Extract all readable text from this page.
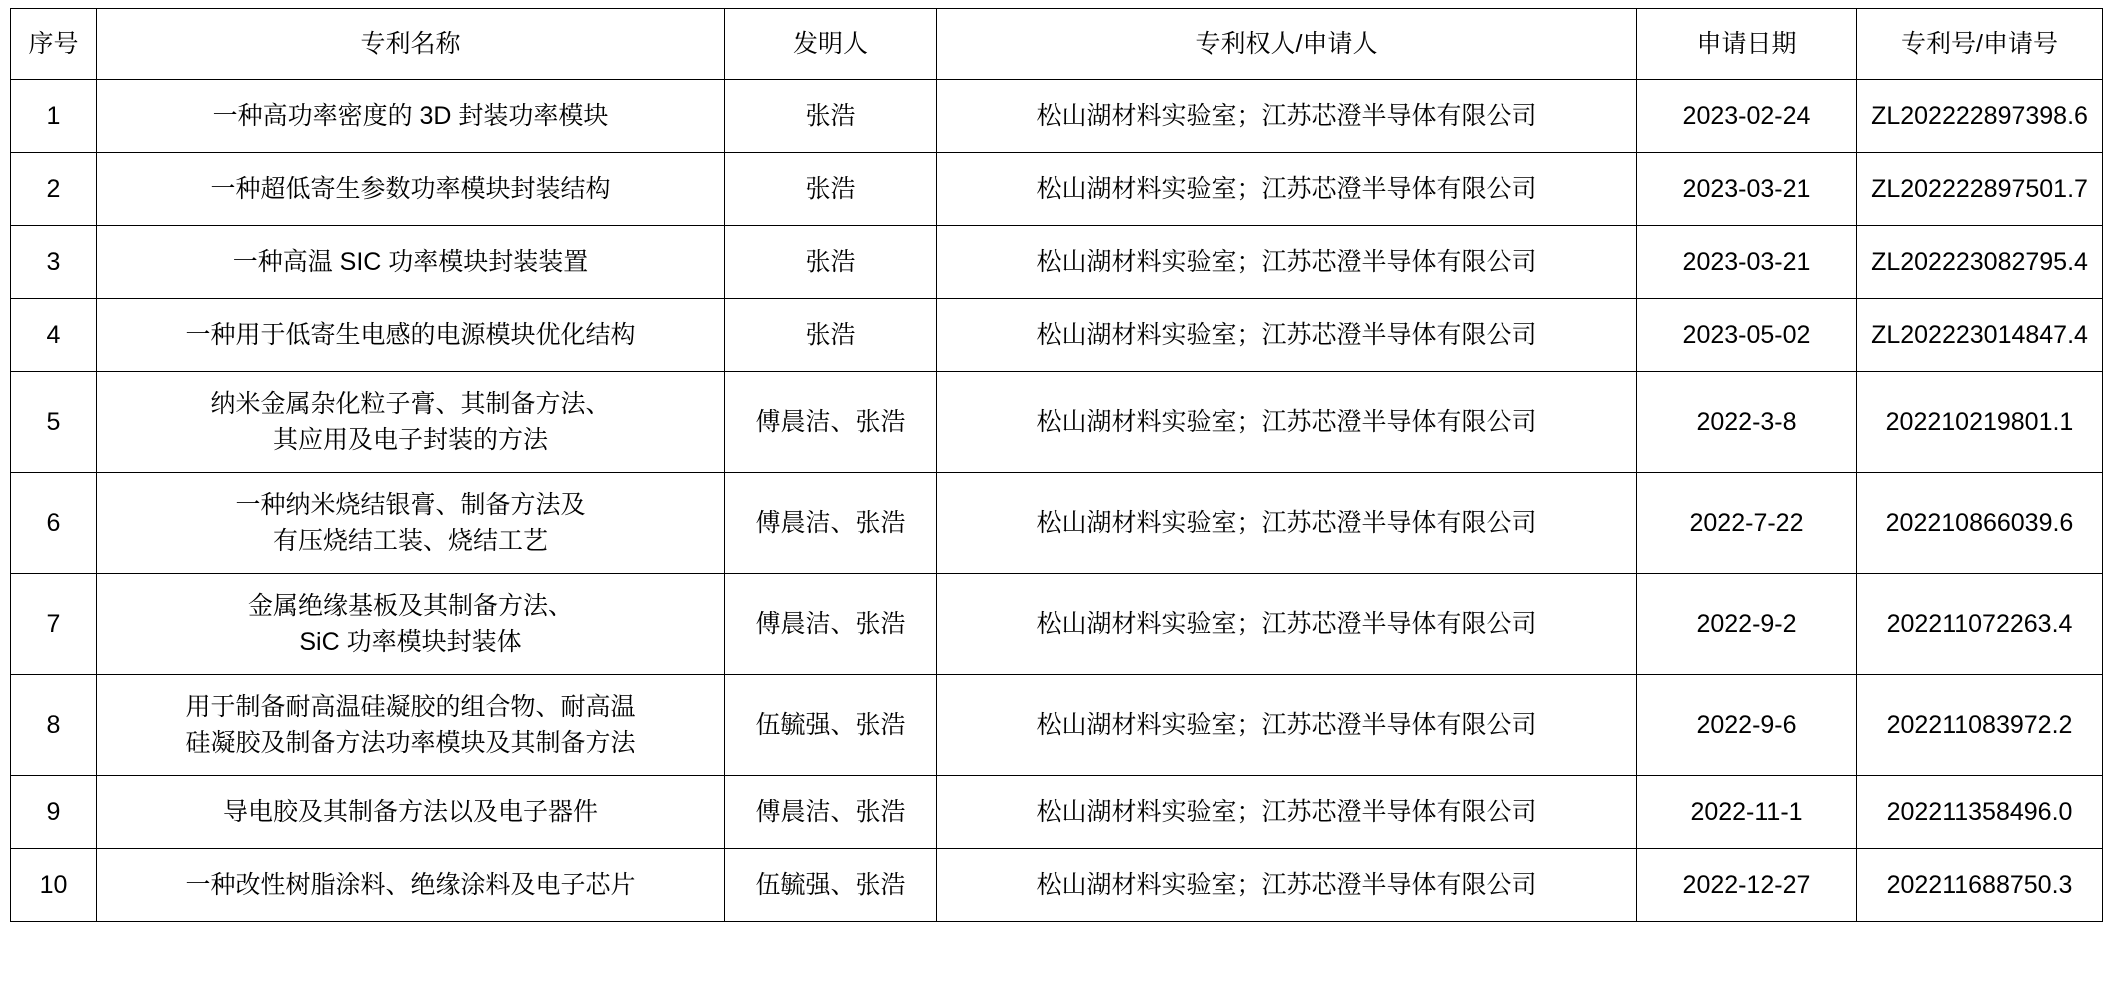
序号	专利名称	发明人	专利权人/申请人	申请日期	专利号/申请号
1	一种高功率密度的 3D 封装功率模块	张浩	松山湖材料实验室；江苏芯澄半导体有限公司	2023-02-24	ZL202222897398.6
2	一种超低寄生参数功率模块封装结构	张浩	松山湖材料实验室；江苏芯澄半导体有限公司	2023-03-21	ZL202222897501.7
3	一种高温 SIC 功率模块封装装置	张浩	松山湖材料实验室；江苏芯澄半导体有限公司	2023-03-21	ZL202223082795.4
4	一种用于低寄生电感的电源模块优化结构	张浩	松山湖材料实验室；江苏芯澄半导体有限公司	2023-05-02	ZL202223014847.4
5	纳米金属杂化粒子膏、其制备方法、
其应用及电子封装的方法	傅晨洁、张浩	松山湖材料实验室；江苏芯澄半导体有限公司	2022-3-8	202210219801.1
6	一种纳米烧结银膏、制备方法及
有压烧结工装、烧结工艺	傅晨洁、张浩	松山湖材料实验室；江苏芯澄半导体有限公司	2022-7-22	202210866039.6
7	金属绝缘基板及其制备方法、
SiC 功率模块封装体	傅晨洁、张浩	松山湖材料实验室；江苏芯澄半导体有限公司	2022-9-2	202211072263.4
8	用于制备耐高温硅凝胶的组合物、耐高温
硅凝胶及制备方法功率模块及其制备方法	伍毓强、张浩	松山湖材料实验室；江苏芯澄半导体有限公司	2022-9-6	202211083972.2
9	导电胶及其制备方法以及电子器件	傅晨洁、张浩	松山湖材料实验室；江苏芯澄半导体有限公司	2022-11-1	202211358496.0
10	一种改性树脂涂料、绝缘涂料及电子芯片	伍毓强、张浩	松山湖材料实验室；江苏芯澄半导体有限公司	2022-12-27	202211688750.3
